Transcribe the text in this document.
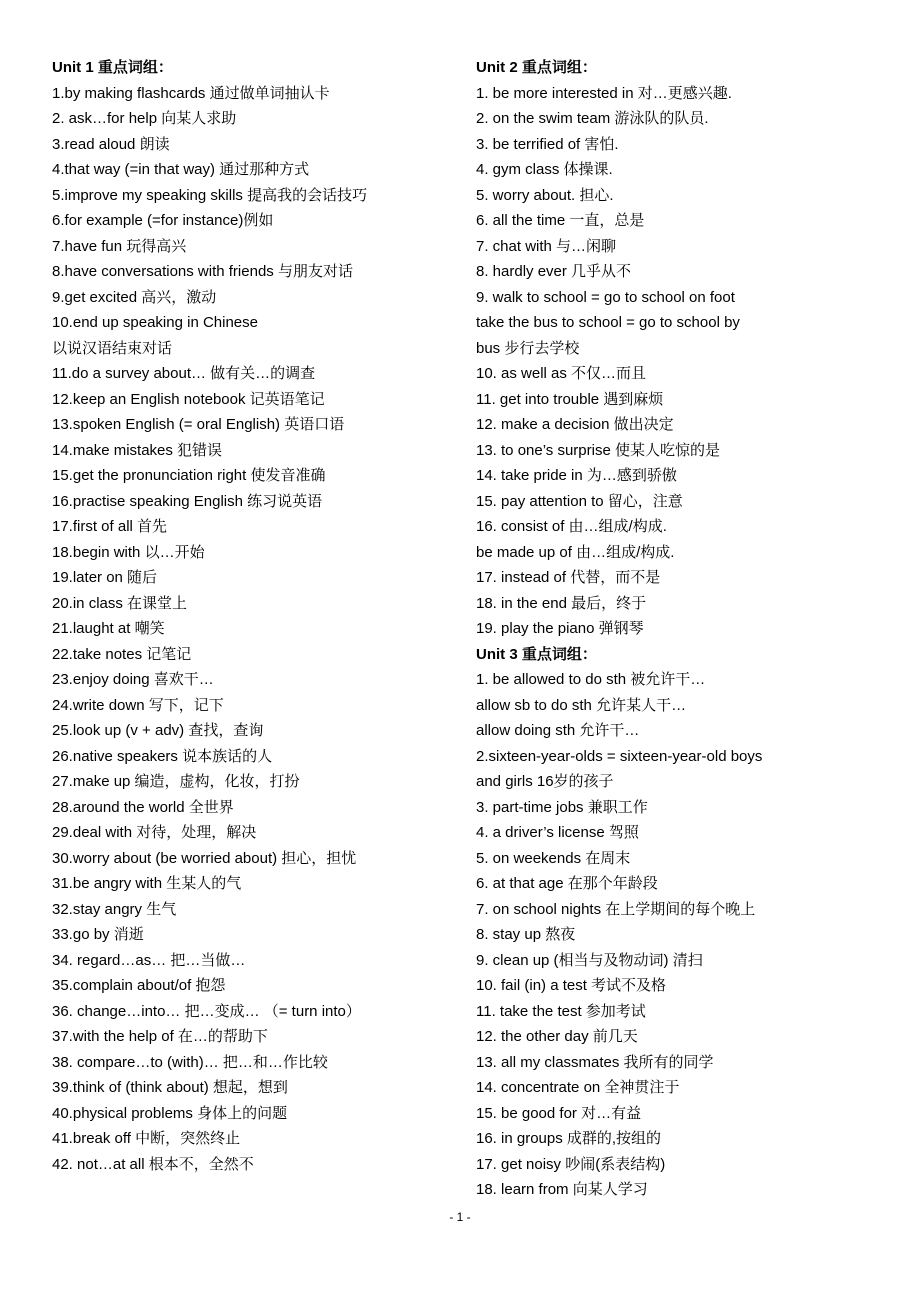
Unit 1 重点词组：
1.by making flashcards 通过做单词抽认卡
2. ask…for help 向某人求助
3.read aloud 朗读
4.that way (=in that way) 通过那种方式
5.improve my speaking skills 提高我的会话技巧
6.for example (=for instance)例如
7.have fun 玩得高兴
8.have conversations with friends 与朋友对话
9.get excited 高兴，激动
10.end up speaking in Chinese
以说汉语结束对话
11.do a survey about… 做有关…的调查
12.keep an English notebook 记英语笔记
13.spoken English (= oral English) 英语口语
14.make mistakes 犯错误
15.get the pronunciation right 使发音准确
16.practise speaking English 练习说英语
17.first of all 首先
18.begin with 以…开始
19.later on 随后
20.in class 在课堂上
21.laught at 嘲笑
22.take notes 记笔记
23.enjoy doing 喜欢干…
24.write down 写下，记下
25.look up (v + adv) 查找，查询
26.native speakers 说本族话的人
27.make up 编造，虚构，化妆，打扮
28.around the world 全世界
29.deal with 对待，处理，解决
30.worry about (be worried about) 担心，担忧
31.be angry with 生某人的气
32.stay angry 生气
33.go by 消逝
34. regard…as… 把…当做…
35.complain about/of 抱怨
36. change…into… 把…变成… （= turn into）
37.with the help of 在…的帮助下
38. compare…to (with)… 把…和…作比较
39.think of (think about) 想起，想到
40.physical problems 身体上的问题
41.break off 中断，突然终止
42. not…at all 根本不，全然不
Unit 2 重点词组：
1. be more interested in 对…更感兴趣.
2. on the swim team 游泳队的队员.
3. be terrified of 害怕.
4. gym class 体操课.
5. worry about. 担心.
6. all the time 一直，总是
7. chat with 与…闲聊
8. hardly ever 几乎从不
9. walk to school = go to school on foot
take the bus to school = go to school by
bus 步行去学校
10. as well as 不仅…而且
11. get into trouble 遇到麻烦
12. make a decision 做出决定
13. to one’s surprise 使某人吃惊的是
14. take pride in 为…感到骄傲
15. pay attention to 留心，注意
16. consist of 由…组成/构成.
be made up of 由…组成/构成.
17. instead of 代替，而不是
18. in the end 最后，终于
19. play the piano 弹钢琴
Unit 3 重点词组：
1. be allowed to do sth 被允许干…
allow sb to do sth 允许某人干…
allow doing sth 允许干…
2.sixteen-year-olds = sixteen-year-old boys
and girls 16岁的孩子
3. part-time jobs 兼职工作
4. a driver’s license 驾照
5. on weekends 在周末
6. at that age 在那个年龄段
7. on school nights 在上学期间的每个晚上
8. stay up 熬夜
9. clean up (相当与及物动词) 清扫
10. fail (in) a test 考试不及格
11. take the test 参加考试
12. the other day 前几天
13. all my classmates 我所有的同学
14. concentrate on 全神贯注于
15. be good for 对…有益
16. in groups 成群的,按组的
17. get noisy 吵闹(系表结构)
18. learn from 向某人学习
- 1 -
